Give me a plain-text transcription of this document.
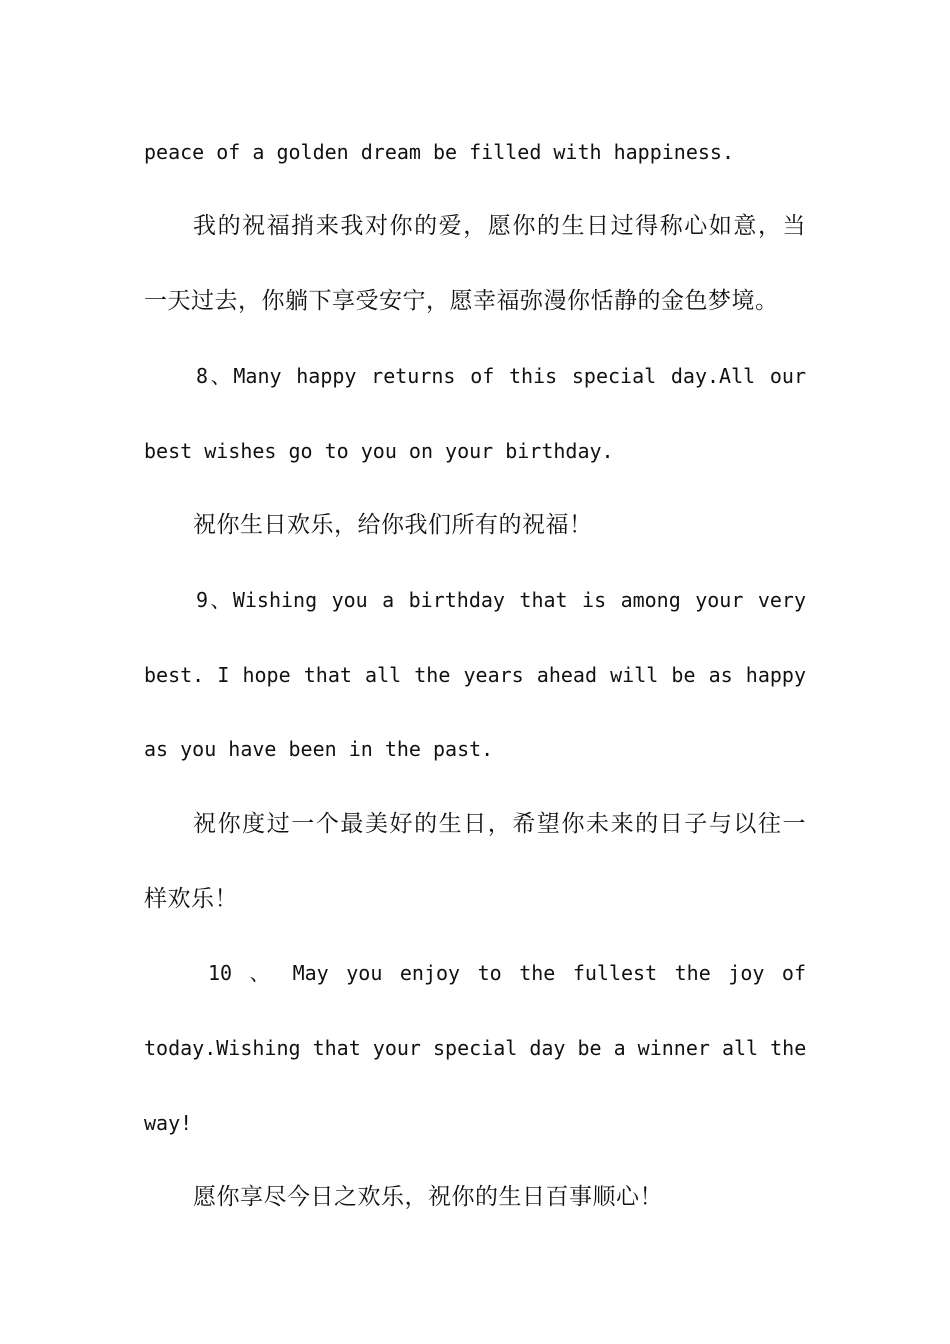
peace of a golden dream be filled with happiness.
我的祝福捎来我对你的爱，愿你的生日过得称心如意，当
一天过去，你躺下享受安宁，愿幸福弥漫你恬静的金色梦境。
8、Many happy returns of this special day.All our
best wishes go to you on your birthday.
祝你生日欢乐，给你我们所有的祝福！
9、Wishing you a birthday that is among your very
best. I hope that all the years ahead will be as happy
as you have been in the past.
祝你度过一个最美好的生日，希望你未来的日子与以往一
样欢乐！
10 、 May you enjoy to the fullest the joy of
today.Wishing that your special day be a winner all the
way!
愿你享尽今日之欢乐，祝你的生日百事顺心！
